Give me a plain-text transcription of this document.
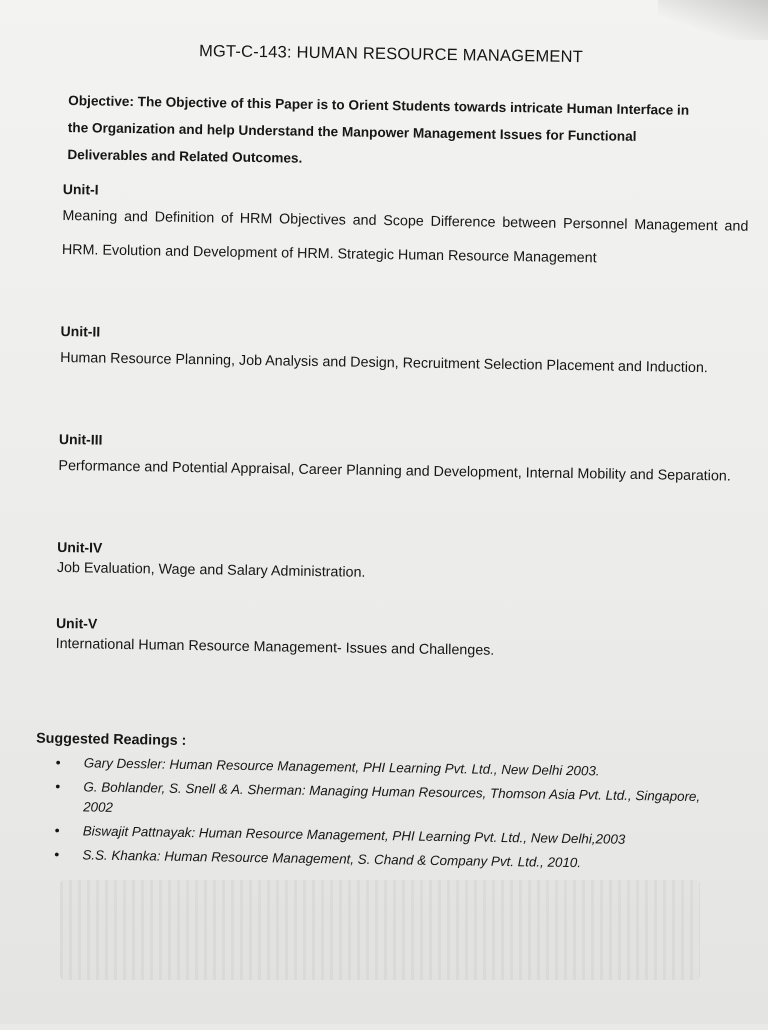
MGT-C-143: HUMAN RESOURCE MANAGEMENT
Objective: The Objective of this Paper is to Orient Students towards intricate Human Interface in the Organization and help Understand the Manpower Management Issues for Functional Deliverables and Related Outcomes.
Unit-I
Meaning and Definition of HRM Objectives and Scope Difference between Personnel Management and HRM. Evolution and Development of HRM. Strategic Human Resource Management
Unit-II
Human Resource Planning, Job Analysis and Design, Recruitment Selection Placement and Induction.
Unit-III
Performance and Potential Appraisal, Career Planning and Development, Internal Mobility and Separation.
Unit-IV
Job Evaluation, Wage and Salary Administration.
Unit-V
International Human Resource Management- Issues and Challenges.
Suggested Readings :
• Gary Dessler: Human Resource Management, PHI Learning Pvt. Ltd., New Delhi 2003.
• G. Bohlander, S. Snell & A. Sherman: Managing Human Resources, Thomson Asia Pvt. Ltd., Singapore, 2002
• Biswajit Pattnayak: Human Resource Management, PHI Learning Pvt. Ltd., New Delhi,2003
• S.S. Khanka: Human Resource Management, S. Chand & Company Pvt. Ltd., 2010.
